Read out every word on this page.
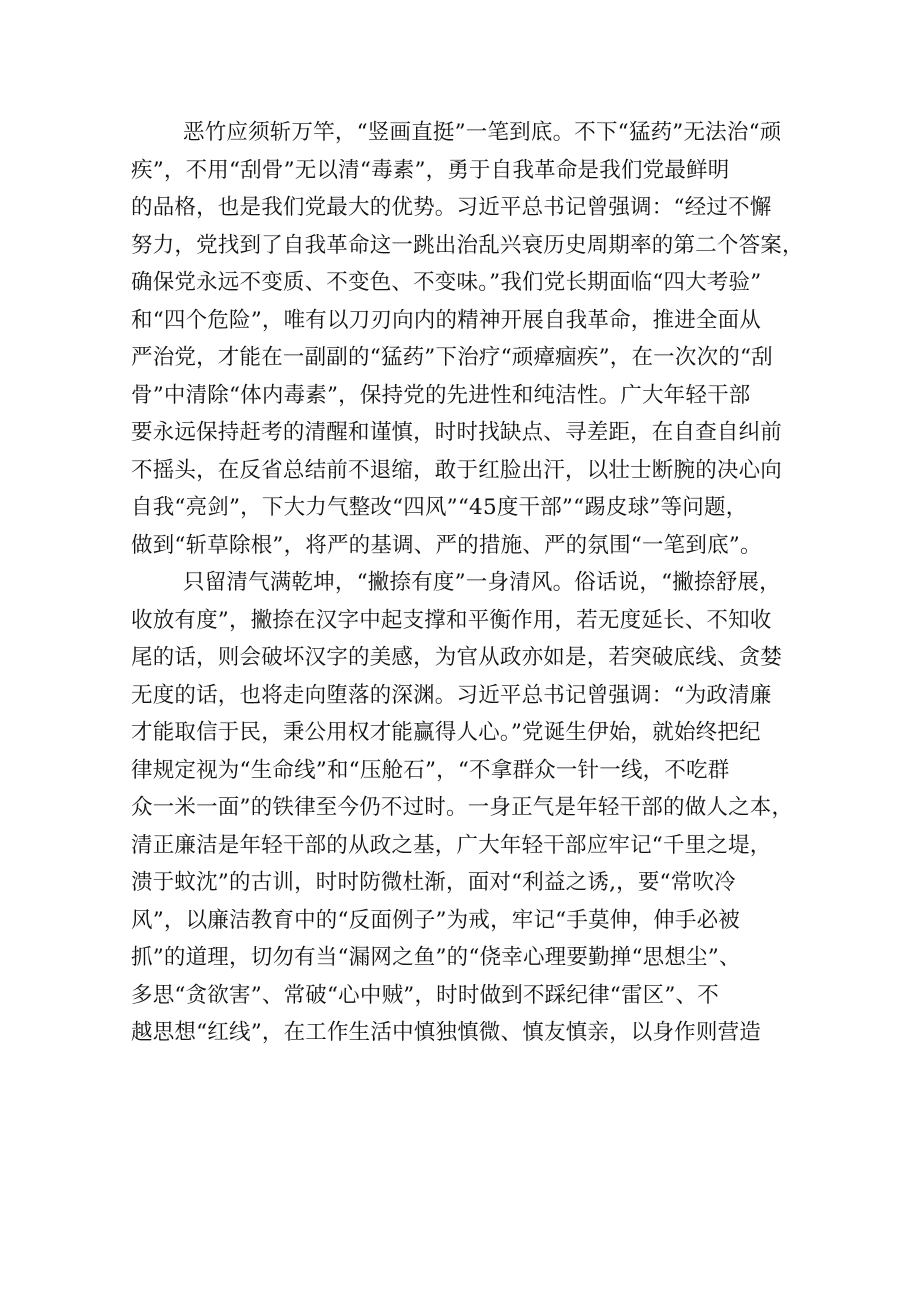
恶竹应须斩万竿，“竖画直挺”一笔到底。不下“猛药”无法治“顽
疾”，不用“刮骨”无以清“毒素”，勇于自我革命是我们党最鲜明
的品格，也是我们党最大的优势。习近平总书记曾强调：“经过不懈
努力，党找到了自我革命这一跳出治乱兴衰历史周期率的第二个答案，
确保党永远不变质、不变色、不变味。”我们党长期面临“四大考验”
和“四个危险”，唯有以刀刃向内的精神开展自我革命，推进全面从
严治党，才能在一副副的“猛药”下治疗“顽瘴痼疾”，在一次次的“刮
骨”中清除“体内毒素”，保持党的先进性和纯洁性。广大年轻干部
要永远保持赶考的清醒和谨慎，时时找缺点、寻差距，在自查自纠前
不摇头，在反省总结前不退缩，敢于红脸出汗，以壮士断腕的决心向
自我“亮剑”，下大力气整改“四风”“45度干部”“踢皮球”等问题，
做到“斩草除根”，将严的基调、严的措施、严的氛围“一笔到底”。
只留清气满乾坤，“撇捺有度”一身清风。俗话说，“撇捺舒展，
收放有度”，撇捺在汉字中起支撑和平衡作用，若无度延长、不知收
尾的话，则会破坏汉字的美感，为官从政亦如是，若突破底线、贪婪
无度的话，也将走向堕落的深渊。习近平总书记曾强调：“为政清廉
才能取信于民，秉公用权才能赢得人心。”党诞生伊始，就始终把纪
律规定视为“生命线”和“压舱石”，“不拿群众一针一线，不吃群
众一米一面”的铁律至今仍不过时。一身正气是年轻干部的做人之本，
清正廉洁是年轻干部的从政之基，广大年轻干部应牢记“千里之堤，
溃于蚊沈”的古训，时时防微杜渐，面对“利益之诱,，要“常吹冷
风”，以廉洁教育中的“反面例子”为戒，牢记“手莫伸，伸手必被
抓”的道理，切勿有当“漏网之鱼”的“侥幸心理要勤掸“思想尘”、
多思“贪欲害”、常破“心中贼”，时时做到不踩纪律“雷区”、不
越思想“红线”，在工作生活中慎独慎微、慎友慎亲，以身作则营造
